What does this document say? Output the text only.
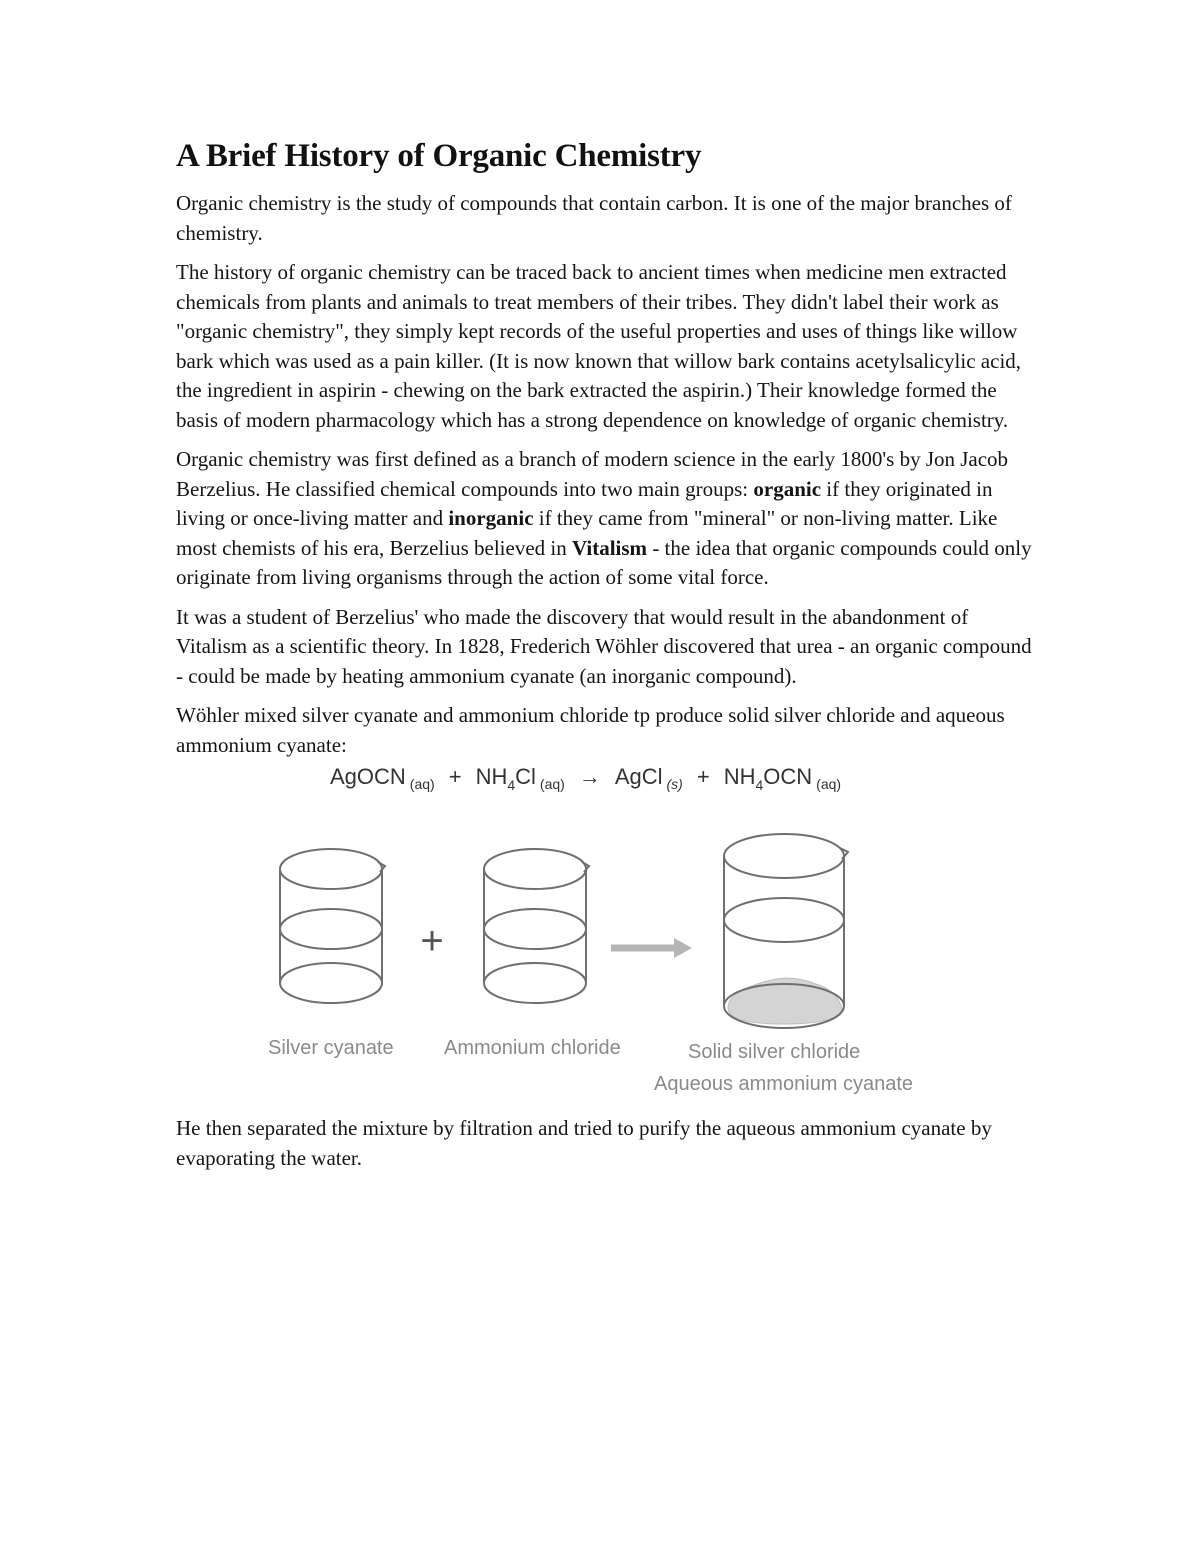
A Brief History of Organic Chemistry

Organic chemistry is the study of compounds that contain carbon. It is one of the major branches of chemistry.

The history of organic chemistry can be traced back to ancient times when medicine men extracted chemicals from plants and animals to treat members of their tribes. They didn't label their work as "organic chemistry", they simply kept records of the useful properties and uses of things like willow bark which was used as a pain killer. (It is now known that willow bark contains acetylsalicylic acid, the ingredient in aspirin - chewing on the bark extracted the aspirin.) Their knowledge formed the basis of modern pharmacology which has a strong dependence on knowledge of organic chemistry.

Organic chemistry was first defined as a branch of modern science in the early 1800's by Jon Jacob Berzelius. He classified chemical compounds into two main groups: organic if they originated in living or once-living matter and inorganic if they came from "mineral" or non-living matter. Like most chemists of his era, Berzelius believed in Vitalism - the idea that organic compounds could only originate from living organisms through the action of some vital force.

It was a student of Berzelius' who made the discovery that would result in the abandonment of Vitalism as a scientific theory. In 1828, Frederich Wöhler discovered that urea - an organic compound - could be made by heating ammonium cyanate (an inorganic compound).

Wöhler mixed silver cyanate and ammonium chloride tp produce solid silver chloride and aqueous ammonium cyanate:

AgOCN $_{(aq)} + NH_4Cl$ $_{(aq)}$ → AgCl $_{(s)} + NH_4OCN$ $_{(aq)}$
+
Silver cyanate	Ammonium chloride	Solid silver chloride
Aqueous ammonium cyanate

He then separated the mixture by filtration and tried to purify the aqueous ammonium cyanate by evaporating the water.
